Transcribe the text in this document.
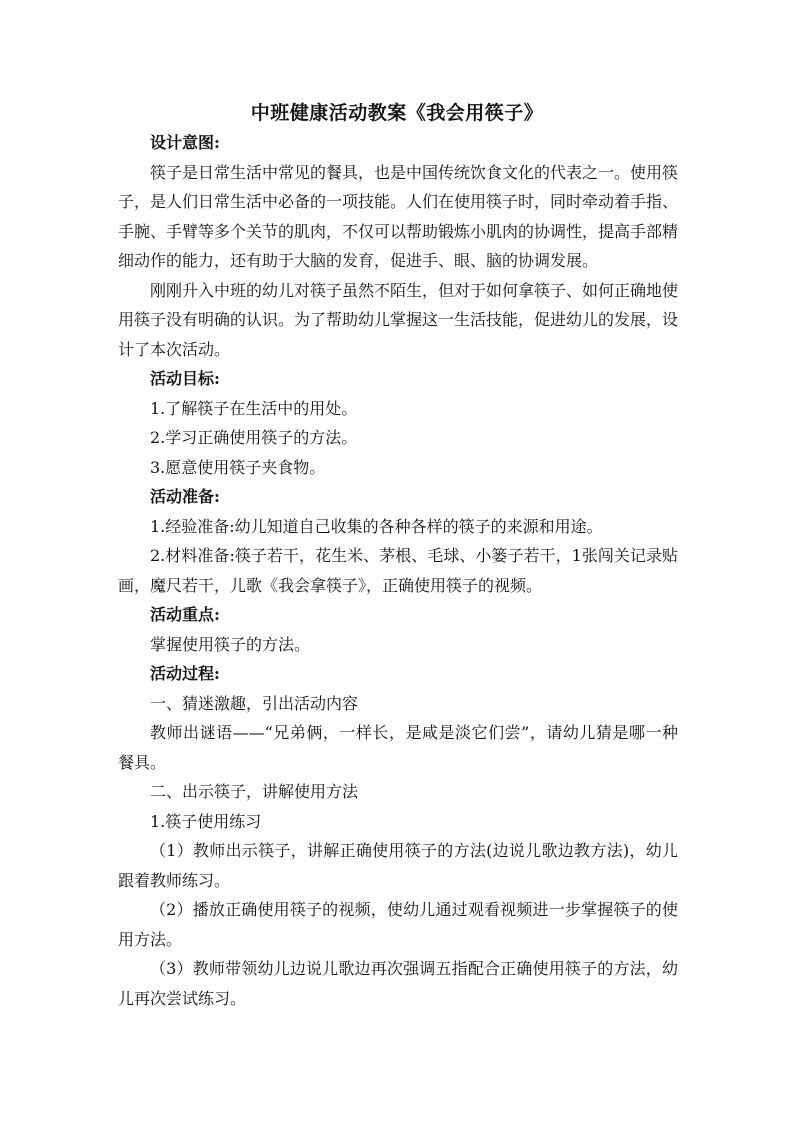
中班健康活动教案《我会用筷子》

设计意图:

筷子是日常生活中常见的餐具，也是中国传统饮食文化的代表之一。使用筷子，是人们日常生活中必备的一项技能。人们在使用筷子时，同时牵动着手指、手腕、手臂等多个关节的肌肉，不仅可以帮助锻炼小肌肉的协调性，提高手部精细动作的能力，还有助于大脑的发育，促进手、眼、脑的协调发展。

刚刚升入中班的幼儿对筷子虽然不陌生，但对于如何拿筷子、如何正确地使用筷子没有明确的认识。为了帮助幼儿掌握这一生活技能，促进幼儿的发展，设计了本次活动。

活动目标:

1.了解筷子在生活中的用处。

2.学习正确使用筷子的方法。

3.愿意使用筷子夹食物。

活动准备:

1.经验准备:幼儿知道自己收集的各种各样的筷子的来源和用途。

2.材料准备:筷子若干，花生米、茅根、毛球、小篓子若干，1张闯关记录贴画，魔尺若干，儿歌《我会拿筷子》，正确使用筷子的视频。

活动重点:

掌握使用筷子的方法。

活动过程:

一、猜迷激趣，引出活动内容

教师出谜语——“兄弟俩，一样长，是咸是淡它们尝”，请幼儿猜是哪一种餐具。

二、出示筷子，讲解使用方法

1.筷子使用练习

（1）教师出示筷子，讲解正确使用筷子的方法(边说儿歌边教方法)，幼儿跟着教师练习。

（2）播放正确使用筷子的视频，使幼儿通过观看视频进一步掌握筷子的使用方法。

（3）教师带领幼儿边说儿歌边再次强调五指配合正确使用筷子的方法，幼儿再次尝试练习。
